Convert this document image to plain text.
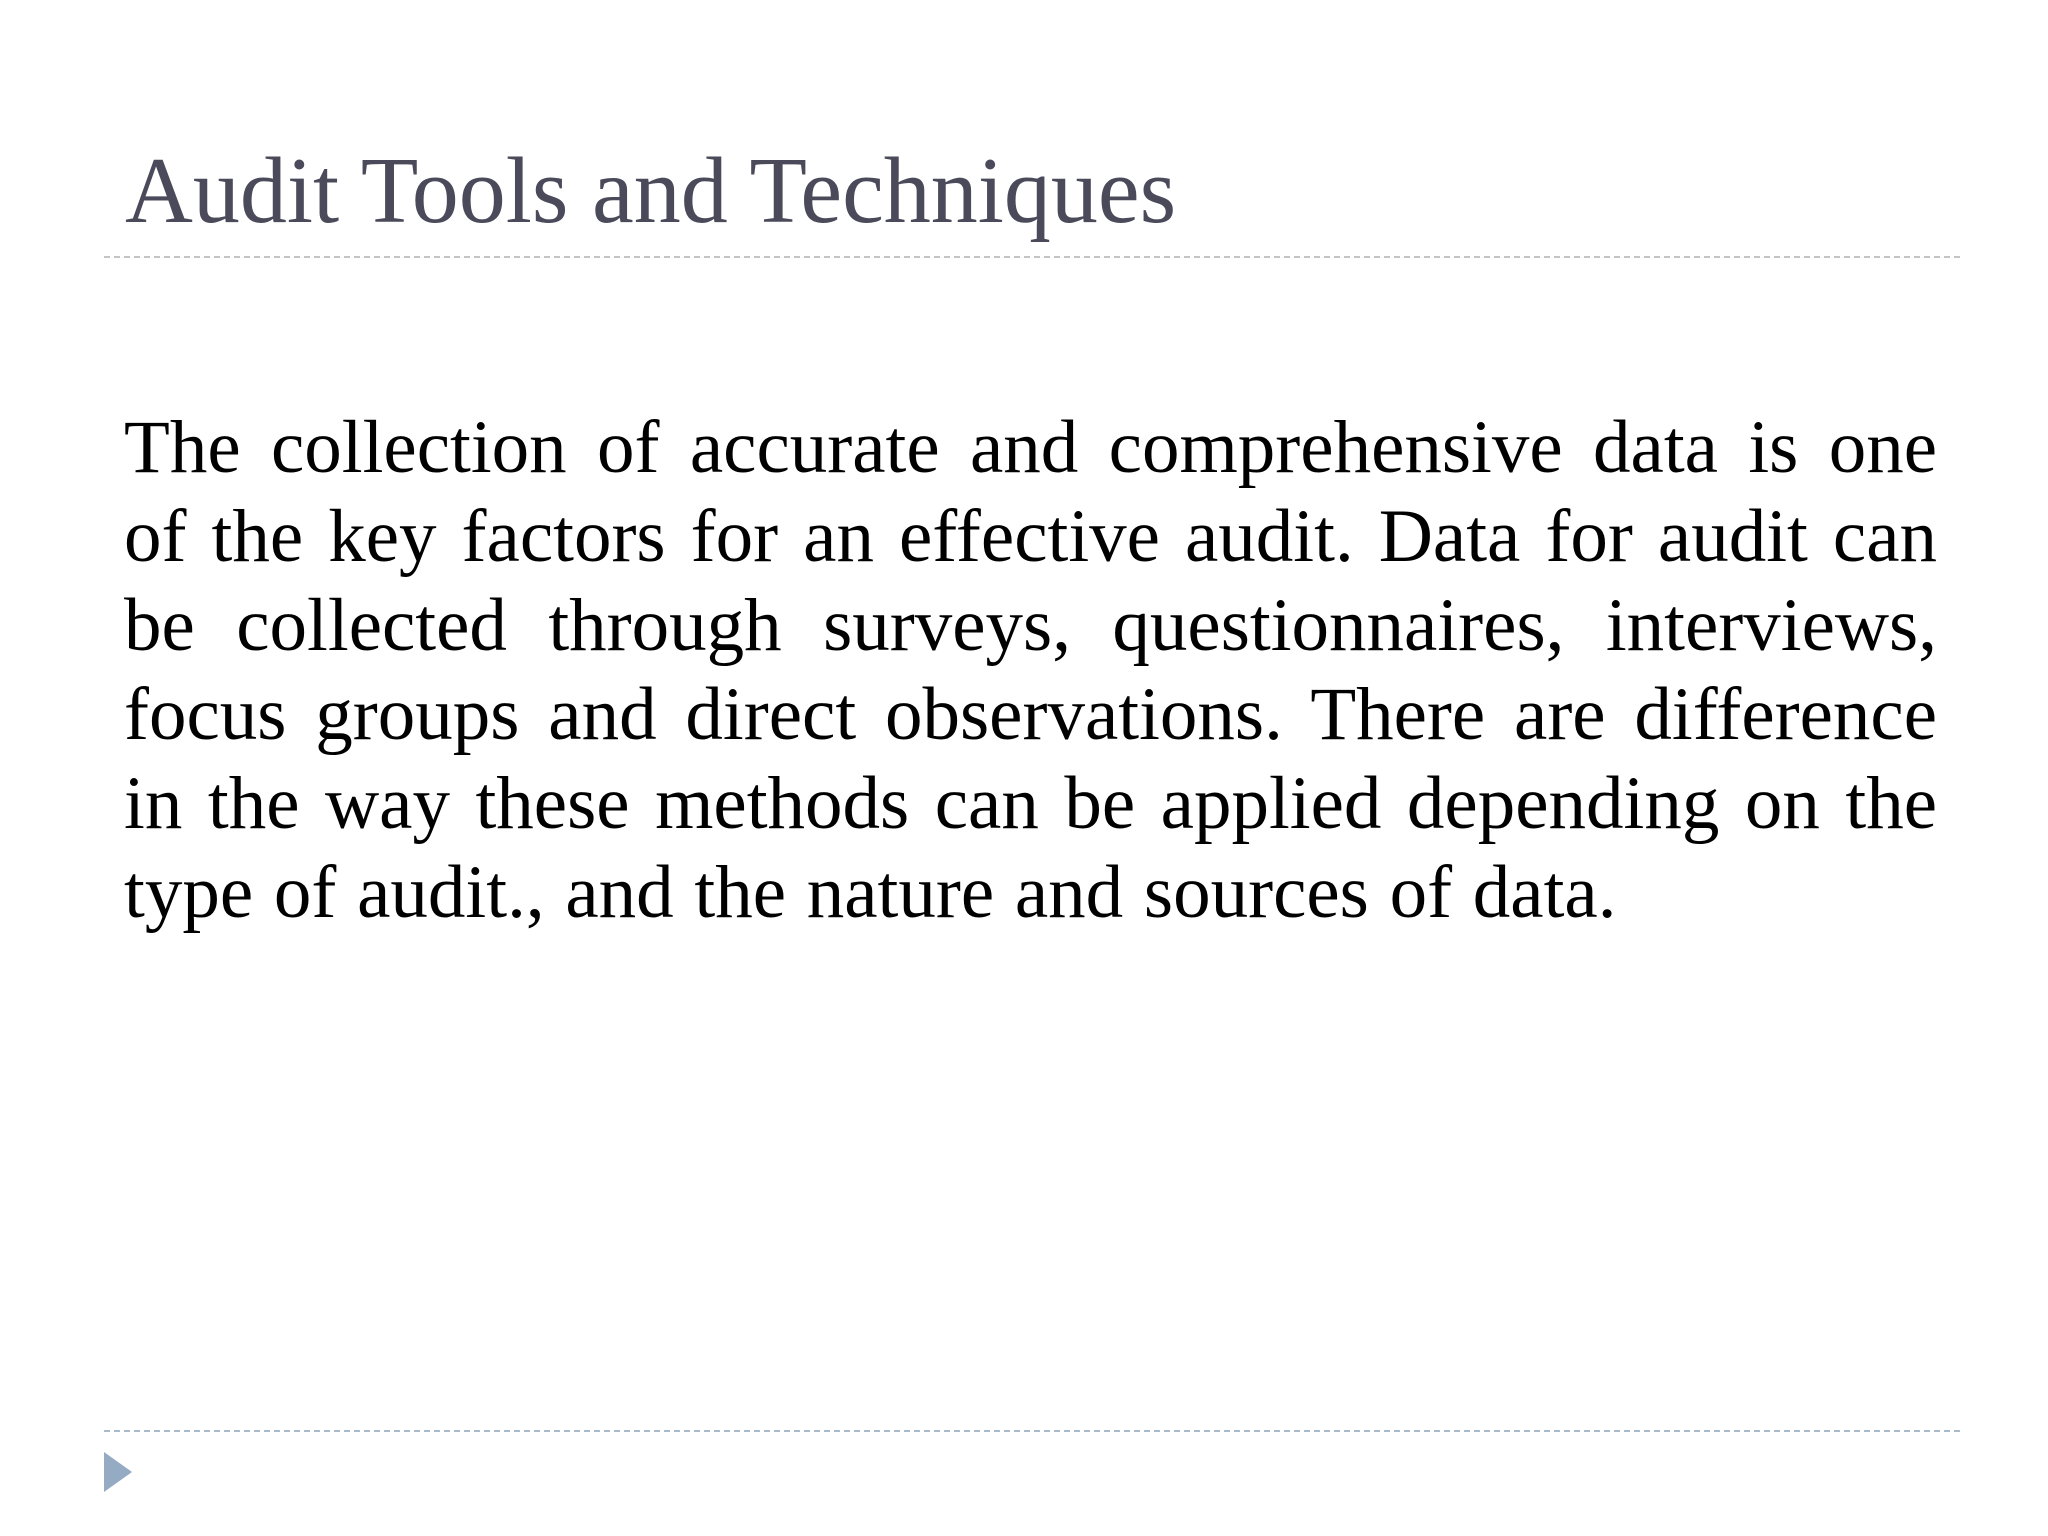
Audit Tools and Techniques

The collection of accurate and comprehensive data is one of the key factors for an effective audit. Data for audit can be collected through surveys, questionnaires, interviews, focus groups and direct observations. There are difference in the way these methods can be applied depending on the type of audit., and the nature and sources of data.
